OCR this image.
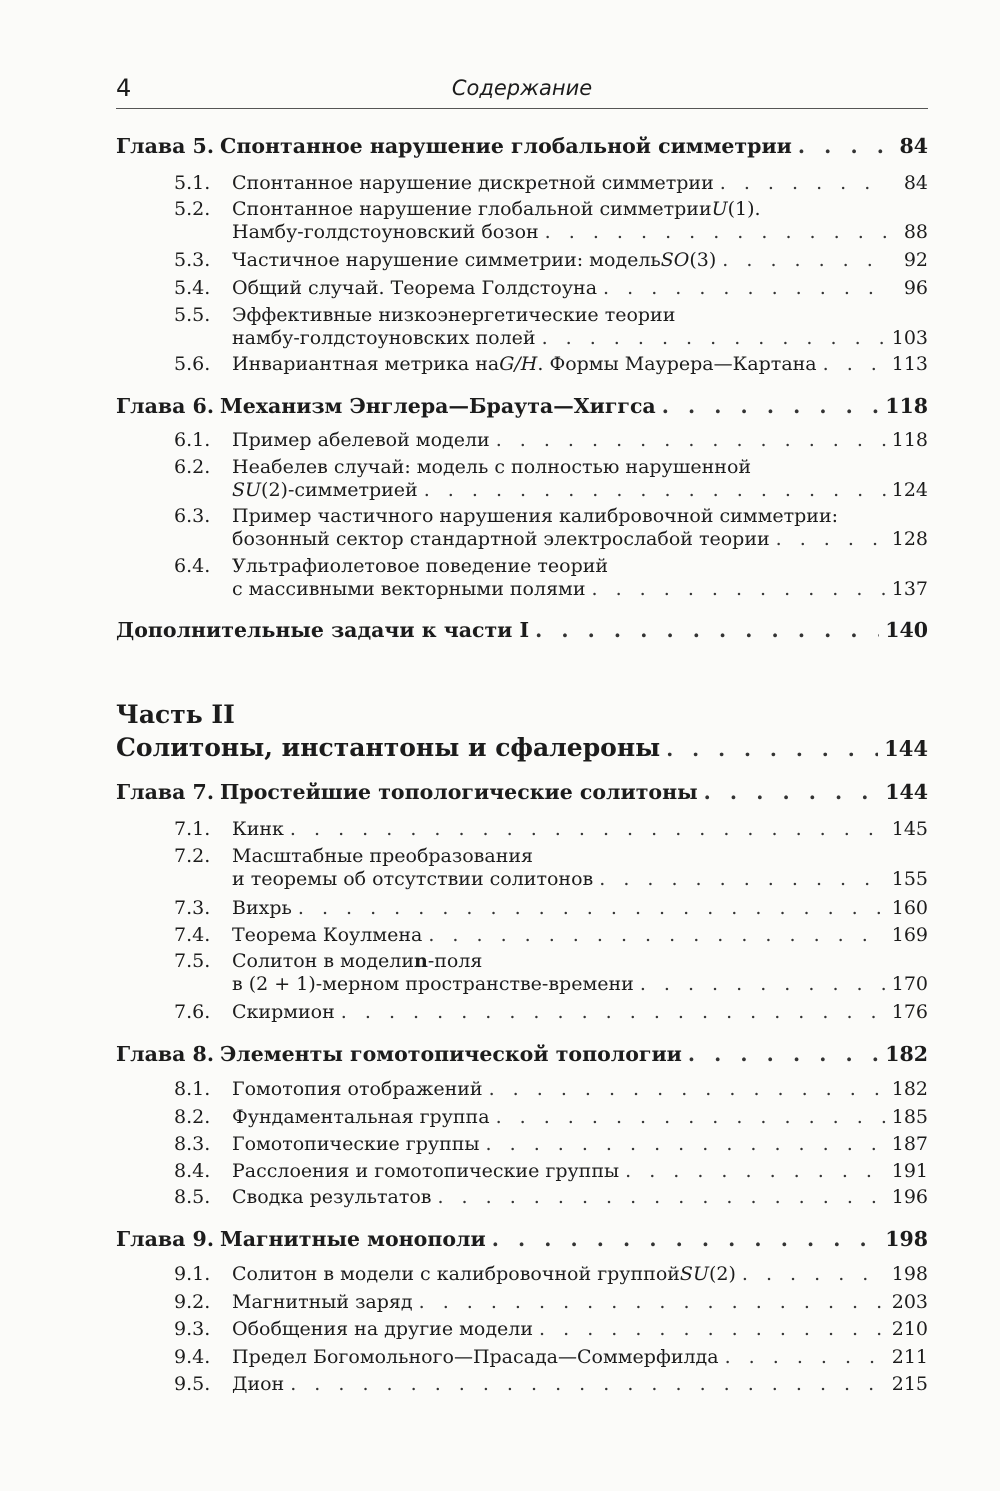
4	Содержание
Глава 5. Спонтанное нарушение глобальной симметрии . . .	84
5.1.	Спонтанное нарушение дискретной симметрии . . .	84
5.2.	Спонтанное нарушение глобальной симметрии U (1).
Намбу-голдстоуновский бозон . . .	88
5.3.	Частичное нарушение симметрии: модель SO (3) . . .	92
5.4.	Общий случай. Теорема Голдстоуна . . .	96
5.5.	Эффективные низкоэнергетические теории
намбу-голдстоуновских полей . . .	103
5.6.	Инвариантная метрика на G/H . Формы Маурера—Картана . . .	113
Глава 6. Механизм Энглера—Браута—Хиггса . . .	118
6.1.	Пример абелевой модели . . .	118
6.2.	Неабелев случай: модель с полностью нарушенной
SU (2)-симметрией . . .	124
6.3.	Пример частичного нарушения калибровочной симметрии:
бозонный сектор стандартной электрослабой теории . . .	128
6.4.	Ультрафиолетовое поведение теорий
с массивными векторными полями . . .	137
Дополнительные задачи к части I . . .	140
Часть II
Солитоны, инстантоны и сфалероны . . .	144
Глава 7. Простейшие топологические солитоны . . .	144
7.1.	Кинк . . .	145
7.2.	Масштабные преобразования
и теоремы об отсутствии солитонов . . .	155
7.3.	Вихрь . . .	160
7.4.	Теорема Коулмена . . .	169
7.5.	Солитон в модели n -поля
в (2 + 1)-мерном пространстве-времени . . .	170
7.6.	Скирмион . . .	176
Глава 8. Элементы гомотопической топологии . . .	182
8.1.	Гомотопия отображений . . .	182
8.2.	Фундаментальная группа . . .	185
8.3.	Гомотопические группы . . .	187
8.4.	Расслоения и гомотопические группы . . .	191
8.5.	Сводка результатов . . .	196
Глава 9. Магнитные монополи . . .	198
9.1.	Солитон в модели с калибровочной группой SU (2) . . .	198
9.2.	Магнитный заряд . . .	203
9.3.	Обобщения на другие модели . . .	210
9.4.	Предел Богомольного—Прасада—Соммерфилда . . .	211
9.5.	Дион . . .	215
